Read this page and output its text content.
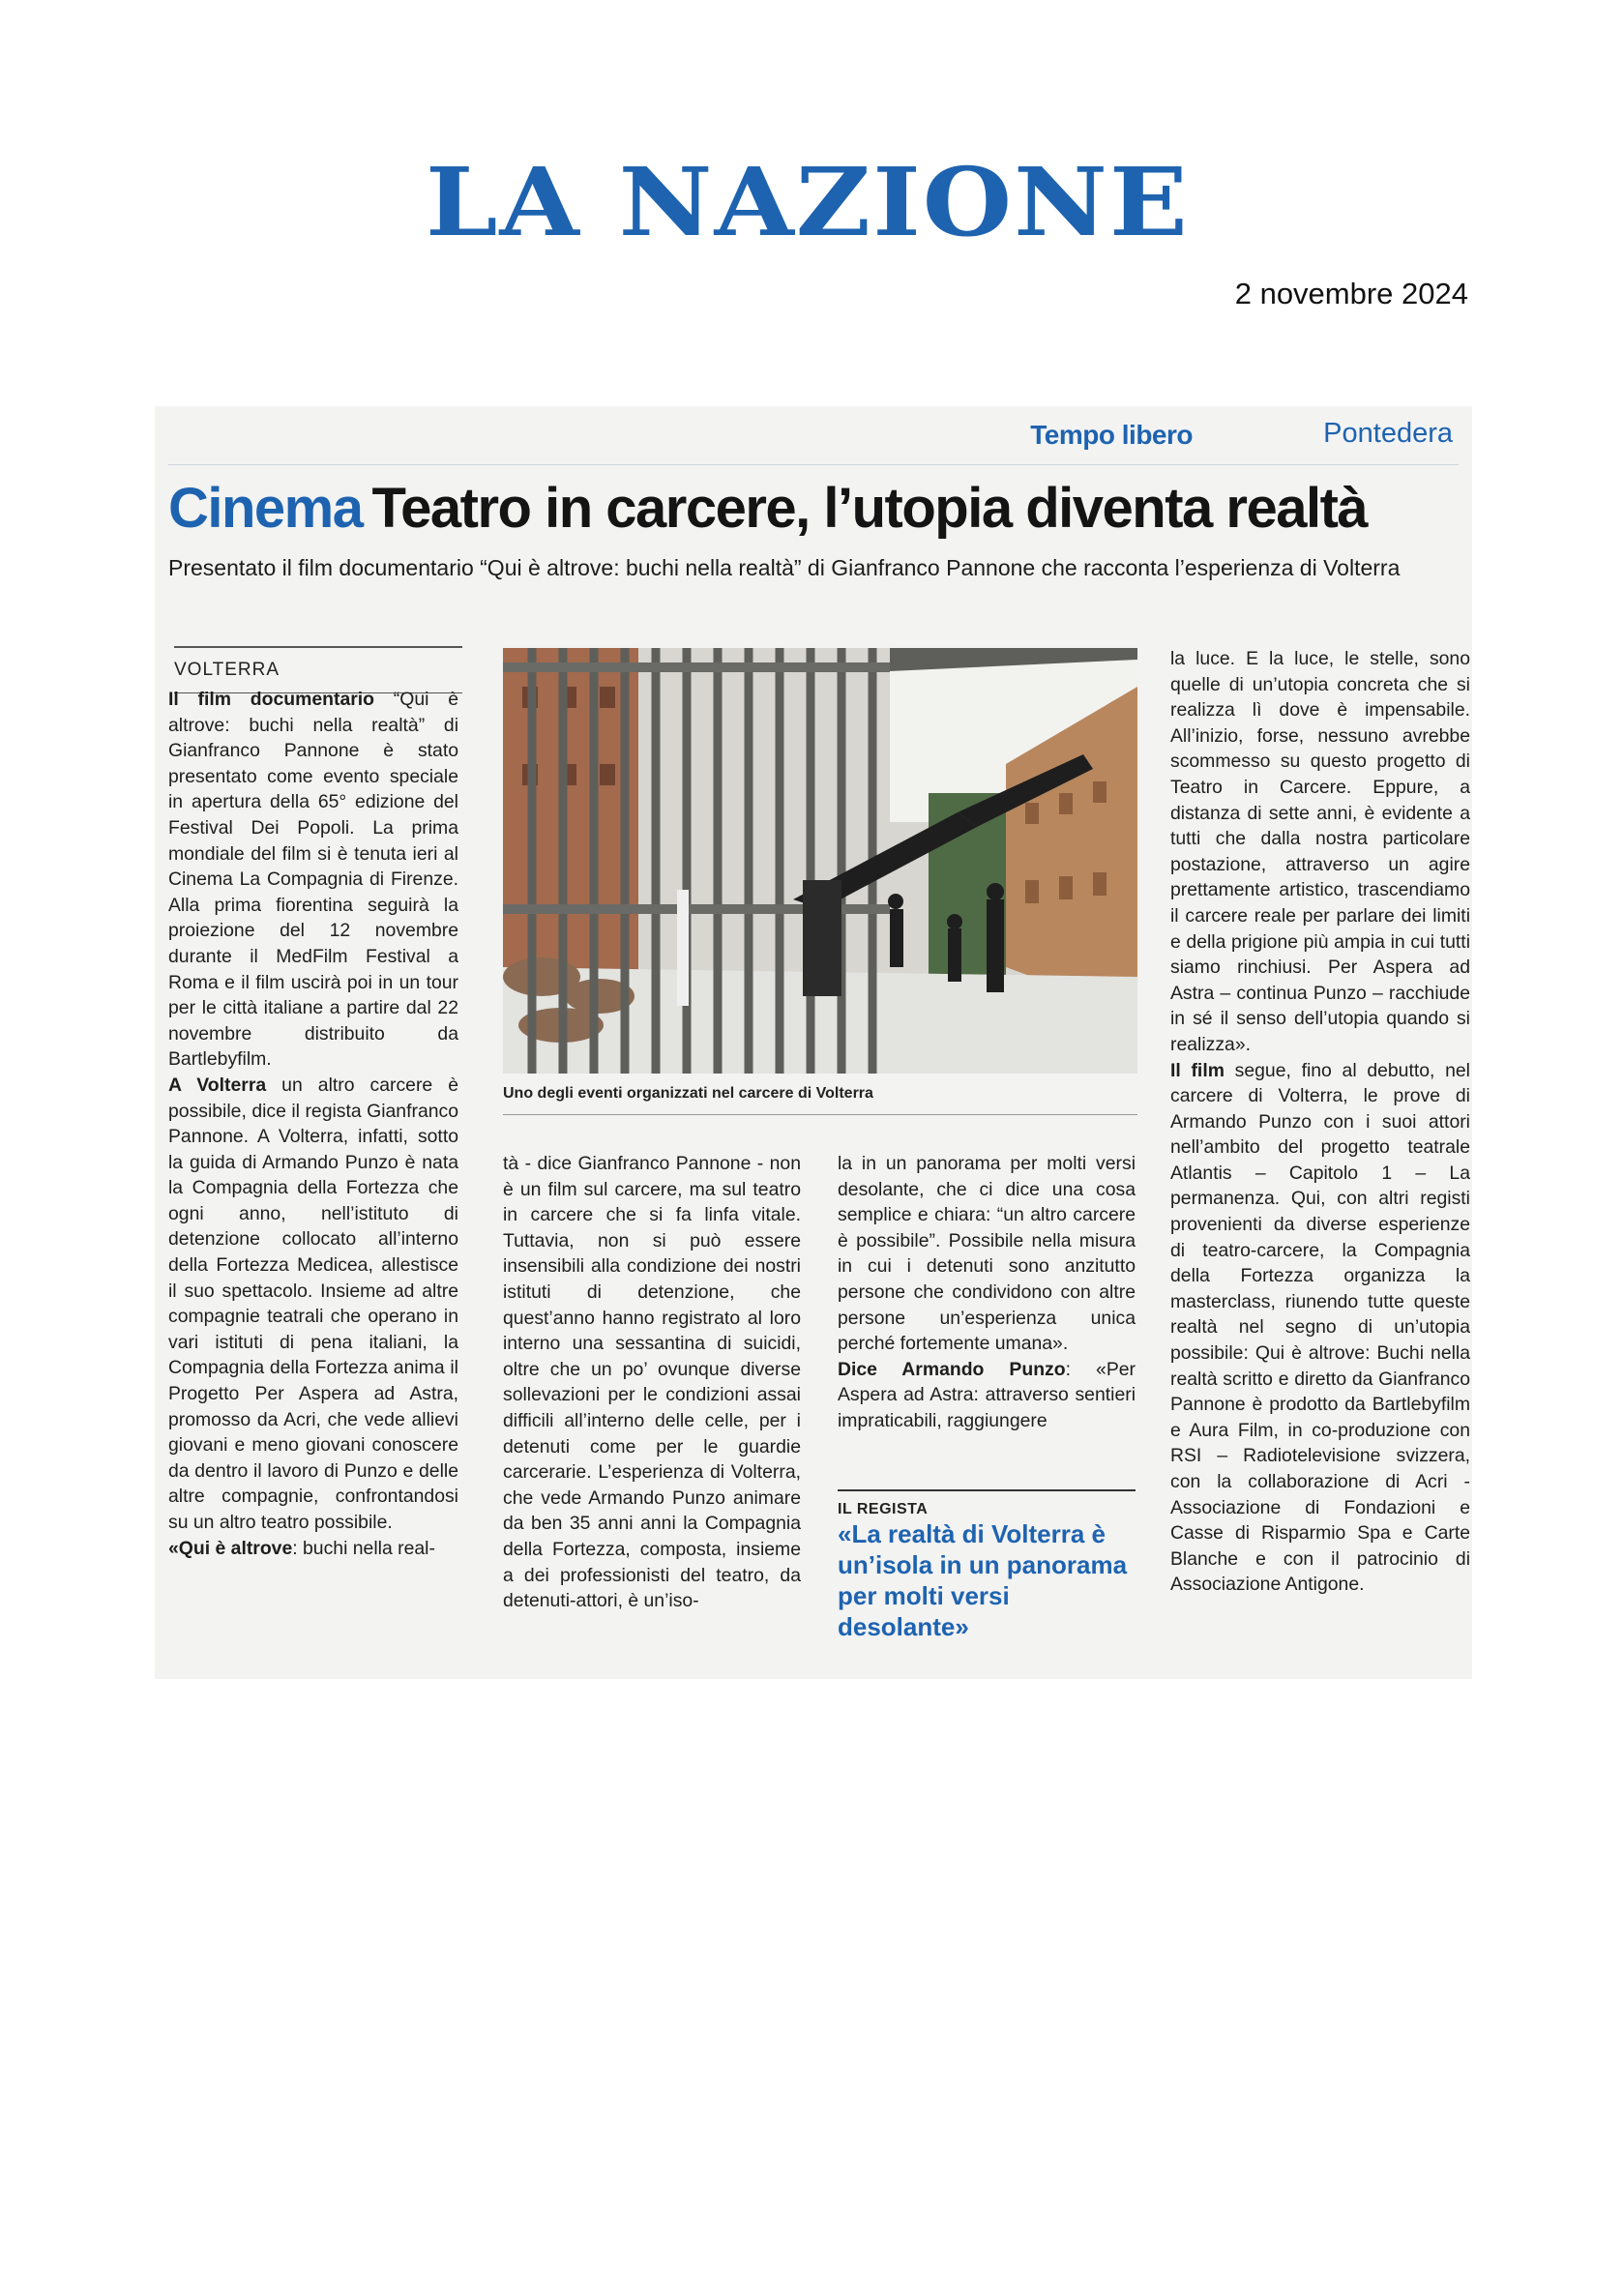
LA NAZIONE
2 novembre 2024
Tempo libero	Pontedera
Cinema Teatro in carcere, l’utopia diventa realtà
Presentato il film documentario “Qui è altrove: buchi nella realtà” di Gianfranco Pannone che racconta l’esperienza di Volterra
VOLTERRA

Il film documentario “Qui è altrove: buchi nella realtà” di Gianfranco Pannone è stato presentato come evento speciale in apertura della 65° edizione del Festival Dei Popoli. La prima mondiale del film si è tenuta ieri al Cinema La Compagnia di Firenze. Alla prima fiorentina seguirà la proiezione del 12 novembre durante il MedFilm Festival a Roma e il film uscirà poi in un tour per le città italiane a partire dal 22 novembre distribuito da Bartlebyfilm.

A Volterra un altro carcere è possibile, dice il regista Gianfranco Pannone. A Volterra, infatti, sotto la guida di Armando Punzo è nata la Compagnia della Fortezza che ogni anno, nell’istituto di detenzione collocato all’interno della Fortezza Medicea, allestisce il suo spettacolo. Insieme ad altre compagnie teatrali che operano in vari istituti di pena italiani, la Compagnia della Fortezza anima il Progetto Per Aspera ad Astra, promosso da Acri, che vede allievi giovani e meno giovani conoscere da dentro il lavoro di Punzo e delle altre compagnie, confrontandosi su un altro teatro possibile.

«Qui è altrove: buchi nella real-

Uno degli eventi organizzati nel carcere di Volterra

tà - dice Gianfranco Pannone - non è un film sul carcere, ma sul teatro in carcere che si fa linfa vitale. Tuttavia, non si può essere insensibili alla condizione dei nostri istituti di detenzione, che quest’anno hanno registrato al loro interno una sessantina di suicidi, oltre che un po’ ovunque diverse sollevazioni per le condizioni assai difficili all’interno delle celle, per i detenuti come per le guardie carcerarie. L’esperienza di Volterra, che vede Armando Punzo animare da ben 35 anni anni la Compagnia della Fortezza, composta, insieme a dei professionisti del teatro, da detenuti-attori, è un’iso-

la in un panorama per molti versi desolante, che ci dice una cosa semplice e chiara: “un altro carcere è possibile”. Possibile nella misura in cui i detenuti sono anzitutto persone che condividono con altre persone un’esperienza unica perché fortemente umana».

Dice Armando Punzo: «Per Aspera ad Astra: attraverso sentieri impraticabili, raggiungere

IL REGISTA
«La realtà di Volterra è un’isola in un panorama per molti versi desolante»

la luce. E la luce, le stelle, sono quelle di un’utopia concreta che si realizza lì dove è impensabile. All’inizio, forse, nessuno avrebbe scommesso su questo progetto di Teatro in Carcere. Eppure, a distanza di sette anni, è evidente a tutti che dalla nostra particolare postazione, attraverso un agire prettamente artistico, trascendiamo il carcere reale per parlare dei limiti e della prigione più ampia in cui tutti siamo rinchiusi. Per Aspera ad Astra – continua Punzo – racchiude in sé il senso dell’utopia quando si realizza».

Il film segue, fino al debutto, nel carcere di Volterra, le prove di Armando Punzo con i suoi attori nell’ambito del progetto teatrale Atlantis – Capitolo 1 – La permanenza. Qui, con altri registi provenienti da diverse esperienze di teatro-carcere, la Compagnia della Fortezza organizza la masterclass, riunendo tutte queste realtà nel segno di un’utopia possibile: Qui è altrove: Buchi nella realtà scritto e diretto da Gianfranco Pannone è prodotto da Bartlebyfilm e Aura Film, in co-produzione con RSI – Radiotelevisione svizzera, con la collaborazione di Acri - Associazione di Fondazioni e Casse di Risparmio Spa e Carte Blanche e con il patrocinio di Associazione Antigone.
